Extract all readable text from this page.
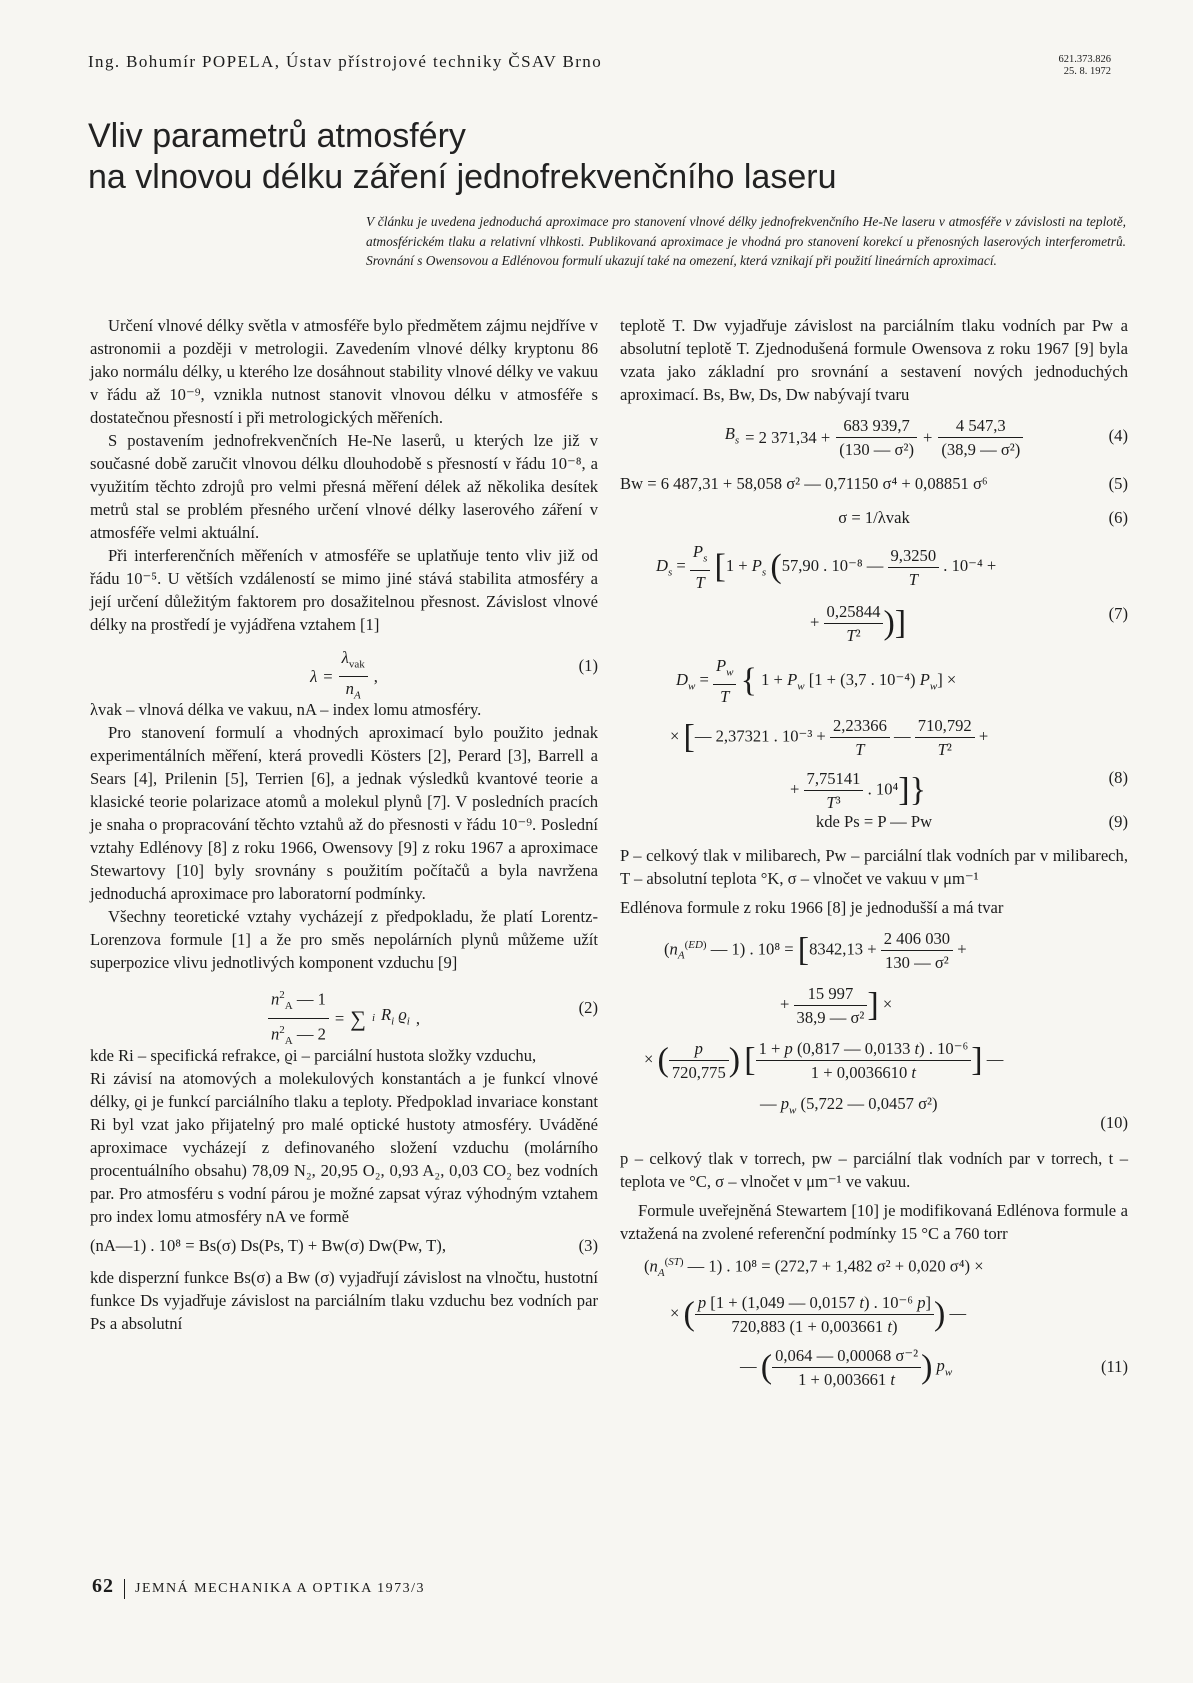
Ing. Bohumír POPELA, Ústav přístrojové techniky ČSAV Brno	621.373.826
25. 8. 1972
Vliv parametrů atmosféry
na vlnovou délku záření jednofrekvenčního laseru
V článku je uvedena jednoduchá aproximace pro stanovení vlnové délky jednofrekvenčního He-Ne laseru v atmosféře v závislosti na teplotě, atmosférickém tlaku a relativní vlhkosti. Publikovaná aproximace je vhodná pro stanovení korekcí u přenosných laserových interferometrů. Srovnání s Owensovou a Edlénovou formulí ukazují také na omezení, která vznikají při použití lineárních aproximací.

Určení vlnové délky světla v atmosféře bylo předmětem zájmu nejdříve v astronomii a později v metrologii. Zavedením vlnové délky kryptonu 86 jako normálu délky, u kterého lze dosáhnout stability vlnové délky ve vakuu v řádu až 10⁻⁹, vznikla nutnost stanovit vlnovou délku v atmosféře s dostatečnou přesností i při metrologických měřeních.

S postavením jednofrekvenčních He-Ne laserů, u kterých lze již v současné době zaručit vlnovou délku dlouhodobě s přesností v řádu 10⁻⁸, a využitím těchto zdrojů pro velmi přesná měření délek až několika desítek metrů stal se problém přesného určení vlnové délky laserového záření v atmosféře velmi aktuální.

Při interferenčních měřeních v atmosféře se uplatňuje tento vliv již od řádu 10⁻⁵. U větších vzdáleností se mimo jiné stává stabilita atmosféry a její určení důležitým faktorem pro dosažitelnou přesnost. Závislost vlnové délky na prostředí je vyjádřena vztahem [1]

$\lambda = \frac{\lambda_{vak}}{n_A}$ ,
(1)

λvak – vlnová délka ve vakuu, nA – index lomu atmosféry.

Pro stanovení formulí a vhodných aproximací bylo použito jednak experimentálních měření, která provedli Kösters [2], Perard [3], Barrell a Sears [4], Prilenin [5], Terrien [6], a jednak výsledků kvantové teorie a klasické teorie polarizace atomů a molekul plynů [7]. V posledních pracích je snaha o propracování těchto vztahů až do přesnosti v řádu 10⁻⁹. Poslední vztahy Edlénovy [8] z roku 1966, Owensovy [9] z roku 1967 a aproximace Stewartovy [10] byly srovnány s použitím počítačů a byla navržena jednoduchá aproximace pro laboratorní podmínky.

Všechny teoretické vztahy vycházejí z předpokladu, že platí Lorentz-Lorenzova formule [1] a že pro směs nepolárních plynů můžeme užít superpozice vlivu jednotlivých komponent vzduchu [9]

$\frac{n^2_A — 1}{n^2_A — 2}$ = ∑ i $R_i$ $ϱ_i$ ,
(2)

kde Ri – specifická refrakce, ϱi – parciální hustota složky vzduchu,

Ri závisí na atomových a molekulových konstantách a je funkcí vlnové délky, ϱi je funkcí parciálního tlaku a teploty. Předpoklad invariace konstant Ri byl vzat jako přijatelný pro malé optické hustoty atmosféry. Uváděné aproximace vycházejí z definovaného složení vzduchu (molárního procentuálního obsahu) 78,09 N₂, 20,95 O₂, 0,93 A₂, 0,03 CO₂ bez vodních par. Pro atmosféru s vodní párou je možné zapsat výraz výhodným vztahem pro index lomu atmosféry nA ve formě

(nA—1) . 10⁸ = Bs(σ) Ds(Ps, T) + Bw(σ) Dw(Pw, T),	(3)

kde disperzní funkce Bs(σ) a Bw (σ) vyjadřují závislost na vlnočtu, hustotní funkce Ds vyjadřuje závislost na parciálním tlaku vzduchu bez vodních par Ps a absolutní

teplotě T. Dw vyjadřuje závislost na parciálním tlaku vodních par Pw a absolutní teplotě T. Zjednodušená formule Owensova z roku 1967 [9] byla vzata jako základní pro srovnání a sestavení nových jednoduchých aproximací. Bs, Bw, Ds, Dw nabývají tvaru

$B_s = 2$ $371,34 + \frac{683 939,7}{\text{(130 — σ²)}} + \frac{4 547,3}{\text{(38,9 — σ²)}}$	(4)
Bw = 6 487,31 + 58,058 σ² — 0,71150 σ⁴ + 0,08851 σ⁶	(5)
σ = 1/λvak	(6)
$D_s = \frac{P_s}{T} [1 + P_s$ (57,90 . 10⁻⁸ — $\frac{9,3250}{T}$ . 10⁻⁴ +
+ $\frac{0,25844}{\text{T²}}$ )]	(7)
$D_w = \frac{P_w}{T}$ { $1 + P_w$ [1 + (3,7 . 10⁻⁴) $P_w$] ×
× [— 2,37321 . $10^{-3} + \frac{2,23366}{T}$ — $\frac{710,792}{\text{T²}}$ +
+ $\frac{7,75141}{\text{T³}}$ . 10⁴]}	(8)
kde Ps = P — Pw	(9)

P – celkový tlak v milibarech, Pw – parciální tlak vodních par v milibarech, T – absolutní teplota °K, σ – vlnočet ve vakuu v μm⁻¹

Edlénova formule z roku 1966 [8] je jednodušší a má tvar

($n_A^{(ED)}$ — 1) . $10^8 = [8342,13 + \frac{2 406 030}{\text{130 — σ²}}$ +
+ $\frac{15 997}{\text{38,9 — σ²}}$ ] ×
× ( $\frac{p}{720,775}$ ) [ $\frac{\text{1 + p (0,817 — 0,0133 t) . 10⁻⁶}}{1 + 0,0036610 t}$ ] —
— $p_w$ (5,722 — 0,0457 σ²)
(10)

p – celkový tlak v torrech, pw – parciální tlak vodních par v torrech, t – teplota ve °C, σ – vlnočet v μm⁻¹ ve vakuu.

Formule uveřejněná Stewartem [10] je modifikovaná Edlénova formule a vztažená na zvolené referenční podmínky 15 °C a 760 torr

($n_A^{(ST)}$ — 1) . 10⁸ = (272,7 + 1,482 σ² + 0,020 σ⁴) ×
× ( $\frac{\text{p [1 + (1,049 — 0,0157 t) . 10⁻⁶ p]}}{720,883 (1 + 0,003661 t)}$ ) —
— ( $\frac{\text{0,064 — 0,00068 σ⁻²}}{1 + 0,003661 t}$ ) $p_w$	(11)
62 JEMNÁ MECHANIKA A OPTIKA 1973/3
